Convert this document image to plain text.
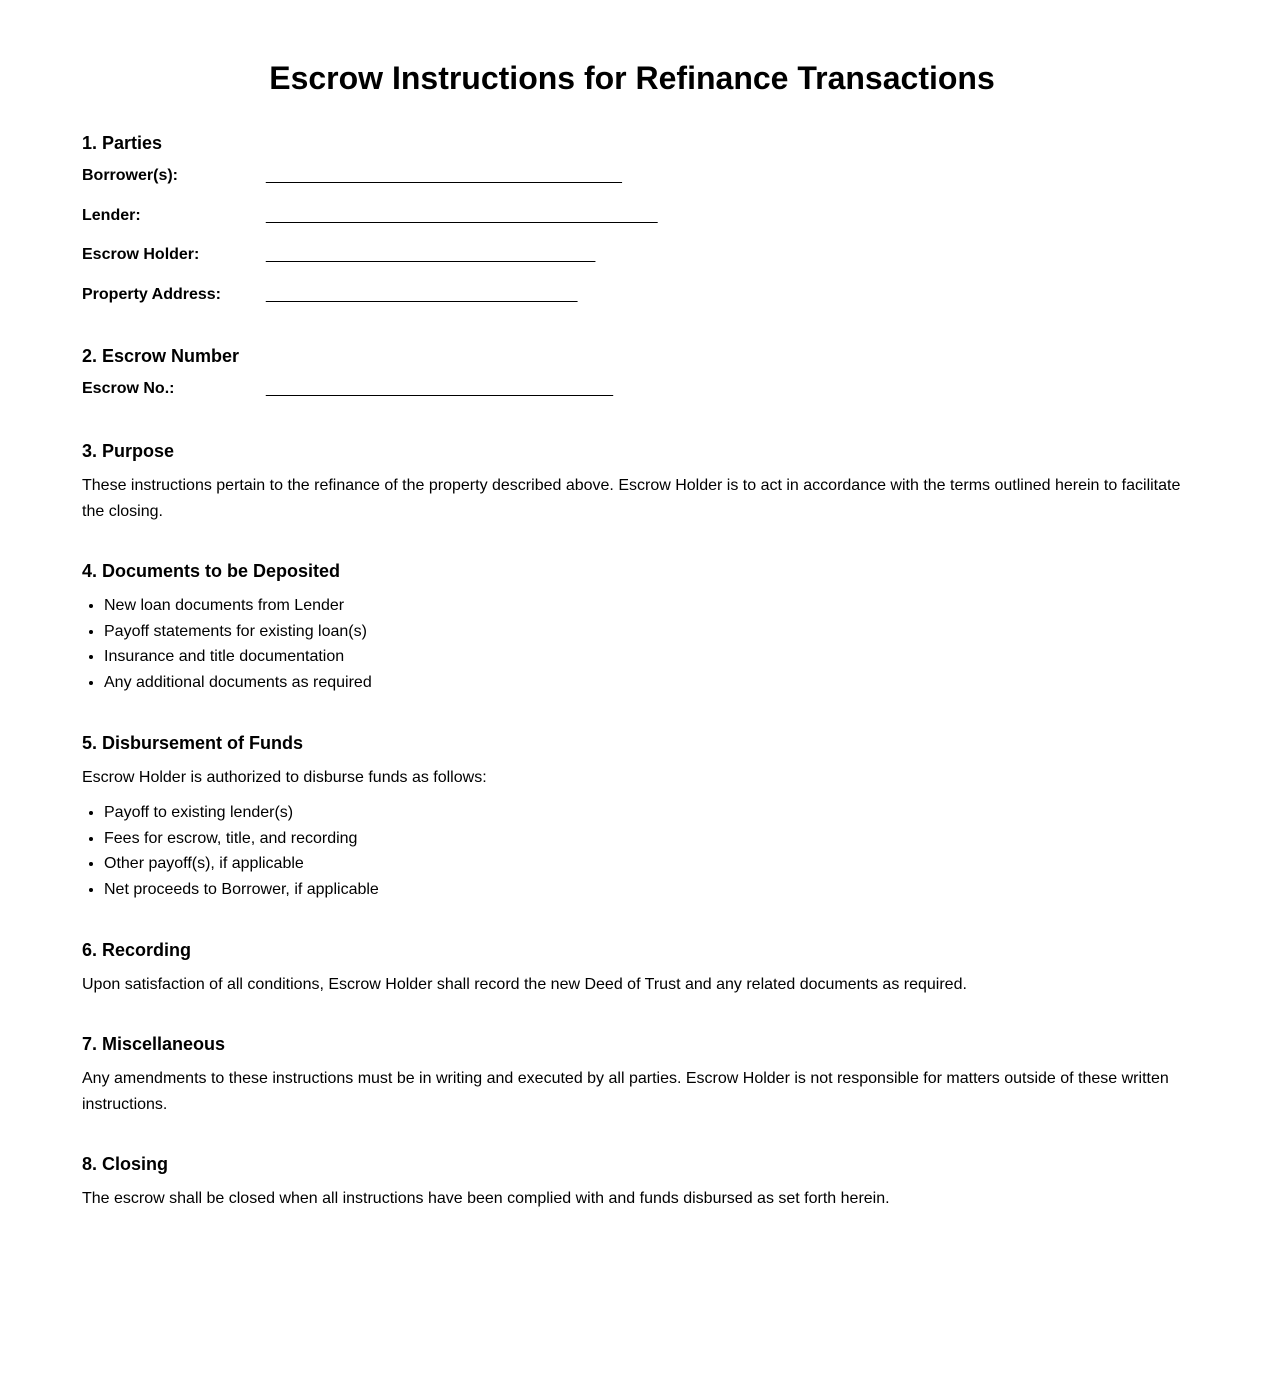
Escrow Instructions for Refinance Transactions
1. Parties
Borrower(s):	________________________________________
Lender:	____________________________________________
Escrow Holder:	_____________________________________
Property Address:	___________________________________
2. Escrow Number
Escrow No.:	_______________________________________
3. Purpose

These instructions pertain to the refinance of the property described above. Escrow Holder is to act in accordance with the terms outlined herein to facilitate the closing.

4. Documents to be Deposited
• New loan documents from Lender
• Payoff statements for existing loan(s)
• Insurance and title documentation
• Any additional documents as required
5. Disbursement of Funds

Escrow Holder is authorized to disburse funds as follows:

• Payoff to existing lender(s)
• Fees for escrow, title, and recording
• Other payoff(s), if applicable
• Net proceeds to Borrower, if applicable
6. Recording

Upon satisfaction of all conditions, Escrow Holder shall record the new Deed of Trust and any related documents as required.

7. Miscellaneous

Any amendments to these instructions must be in writing and executed by all parties. Escrow Holder is not responsible for matters outside of these written instructions.

8. Closing

The escrow shall be closed when all instructions have been complied with and funds disbursed as set forth herein.
